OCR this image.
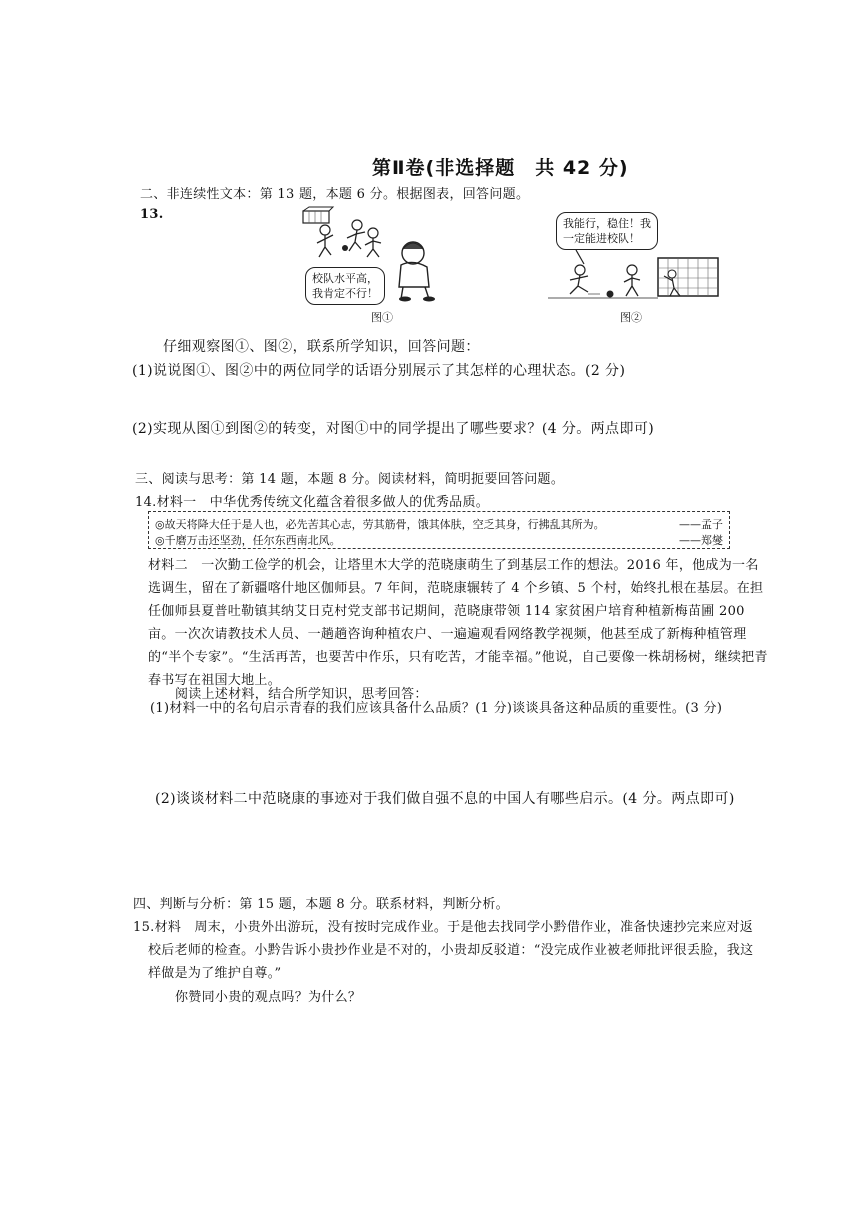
第Ⅱ卷(非选择题　共 42 分)
二、非连续性文本：第 13 题，本题 6 分。根据图表，回答问题。
13.
校队水平高，
我肯定不行！
图①
我能行，稳住！我
一定能进校队！
图②
仔细观察图①、图②，联系所学知识，回答问题：
(1)说说图①、图②中的两位同学的话语分别展示了其怎样的心理状态。(2 分)
(2)实现从图①到图②的转变，对图①中的同学提出了哪些要求？(4 分。两点即可)
三、阅读与思考：第 14 题，本题 8 分。阅读材料，简明扼要回答问题。
14.材料一　中华优秀传统文化蕴含着很多做人的优秀品质。
◎故天将降大任于是人也，必先苦其心志，劳其筋骨，饿其体肤，空乏其身，行拂乱其所为。	——孟子
◎千磨万击还坚劲，任尔东西南北风。	——郑燮
材料二　一次勤工俭学的机会，让塔里木大学的范晓康萌生了到基层工作的想法。2016 年，他成为一名
选调生，留在了新疆喀什地区伽师县。7 年间，范晓康辗转了 4 个乡镇、5 个村，始终扎根在基层。在担
任伽师县夏普吐勒镇其纳艾日克村党支部书记期间，范晓康带领 114 家贫困户培育种植新梅苗圃 200
亩。一次次请教技术人员、一趟趟咨询种植农户、一遍遍观看网络教学视频，他甚至成了新梅种植管理
的“半个专家”。“生活再苦，也要苦中作乐，只有吃苦，才能幸福。”他说，自己要像一株胡杨树，继续把青
春书写在祖国大地上。
阅读上述材料，结合所学知识，思考回答：
(1)材料一中的名句启示青春的我们应该具备什么品质？(1 分)谈谈具备这种品质的重要性。(3 分)
(2)谈谈材料二中范晓康的事迹对于我们做自强不息的中国人有哪些启示。(4 分。两点即可)
四、判断与分析：第 15 题，本题 8 分。联系材料，判断分析。
15.材料　周末，小贵外出游玩，没有按时完成作业。于是他去找同学小黔借作业，准备快速抄完来应对返
校后老师的检查。小黔告诉小贵抄作业是不对的，小贵却反驳道：“没完成作业被老师批评很丢脸，我这
样做是为了维护自尊。”
你赞同小贵的观点吗？为什么？
